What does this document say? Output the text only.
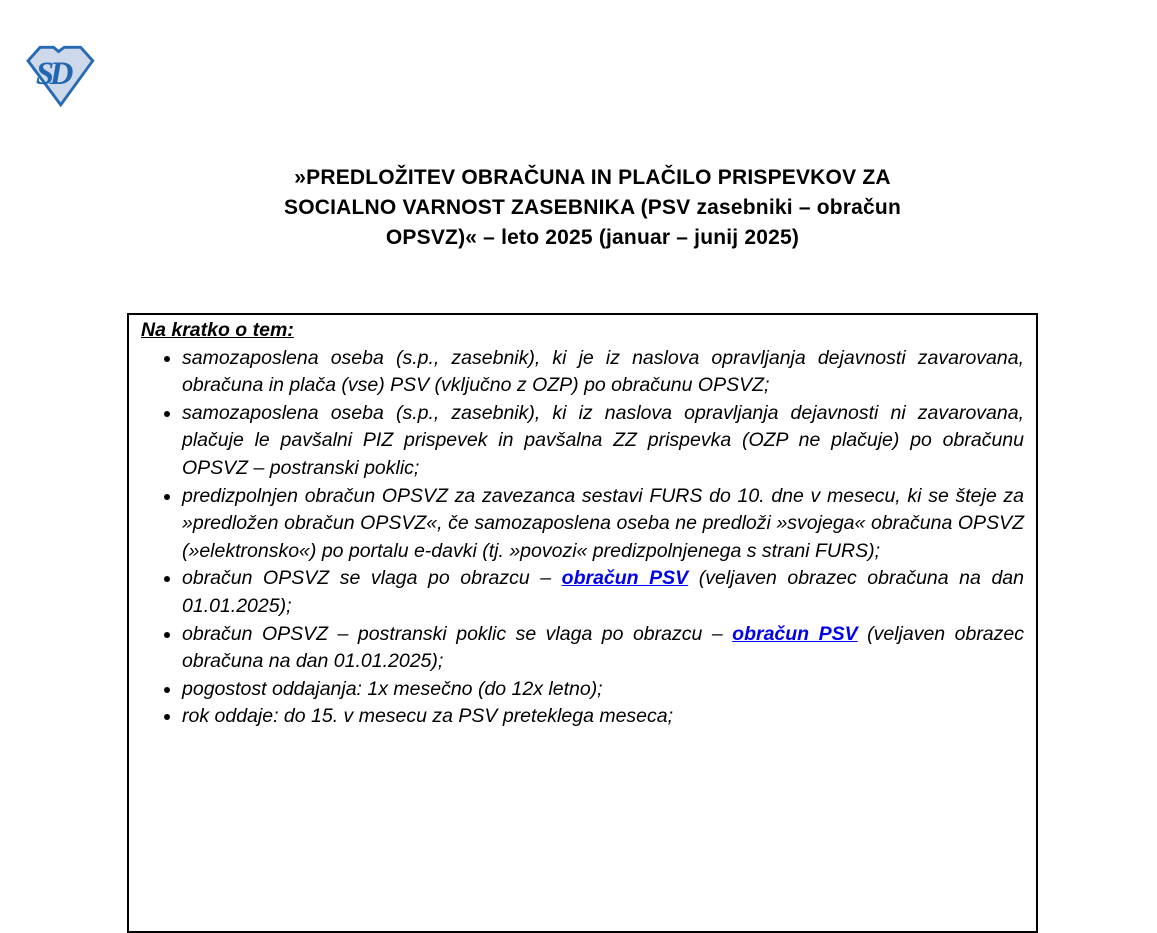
SD
»PREDLOŽITEV OBRAČUNA IN PLAČILO PRISPEVKOV ZA
SOCIALNO VARNOST ZASEBNIKA (PSV zasebniki – obračun
OPSVZ)« – leto 2025 (januar – junij 2025)
Na kratko o tem:
• samozaposlena oseba (s.p., zasebnik), ki je iz naslova opravljanja dejavnosti zavarovana, obračuna in plača (vse) PSV (vključno z OZP) po obračunu OPSVZ;
• samozaposlena oseba (s.p., zasebnik), ki iz naslova opravljanja dejavnosti ni zavarovana, plačuje le pavšalni PIZ prispevek in pavšalna ZZ prispevka (OZP ne plačuje) po obračunu OPSVZ – postranski poklic;
• predizpolnjen obračun OPSVZ za zavezanca sestavi FURS do 10. dne v mesecu, ki se šteje za »predložen obračun OPSVZ«, če samozaposlena oseba ne predloži »svojega« obračuna OPSVZ (»elektronsko«) po portalu e-davki (tj. »povozi« predizpolnjenega s strani FURS);
• obračun OPSVZ se vlaga po obrazcu – obračun PSV (veljaven obrazec obračuna na dan 01.01.2025);
• obračun OPSVZ – postranski poklic se vlaga po obrazcu – obračun PSV (veljaven obrazec obračuna na dan 01.01.2025);
• pogostost oddajanja: 1x mesečno (do 12x letno);
• rok oddaje: do 15. v mesecu za PSV preteklega meseca;
